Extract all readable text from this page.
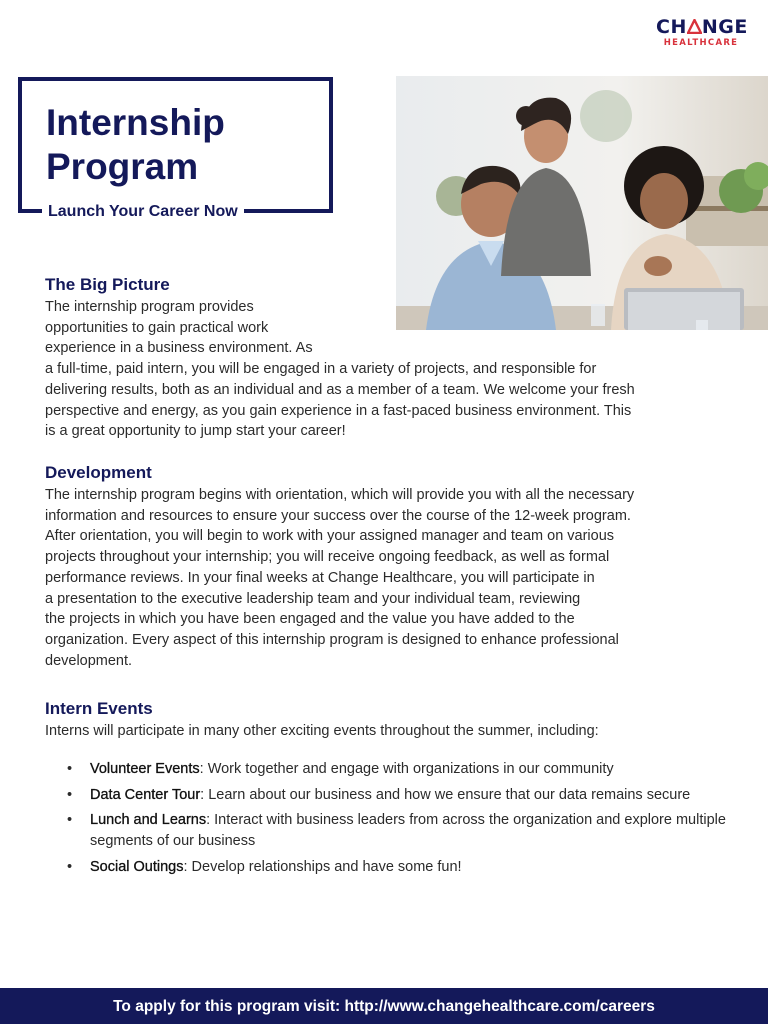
CH NGE
HEALTHCARE
Internship
Program
Launch Your Career Now
The Big Picture
The internship program provides
opportunities to gain practical work
experience in a business environment. As
a full-time, paid intern, you will be engaged in a variety of projects, and responsible for
delivering results, both as an individual and as a member of a team. We welcome your fresh
perspective and energy, as you gain experience in a fast-paced business environment. This
is a great opportunity to jump start your career!
Development
The internship program begins with orientation, which will provide you with all the necessary
information and resources to ensure your success over the course of the 12-week program.
After orientation, you will begin to work with your assigned manager and team on various
projects throughout your internship; you will receive ongoing feedback, as well as formal
performance reviews. In your final weeks at Change Healthcare, you will participate in
a presentation to the executive leadership team and your individual team, reviewing
the projects in which you have been engaged and the value you have added to the
organization. Every aspect of this internship program is designed to enhance professional
development.
Intern Events
Interns will participate in many other exciting events throughout the summer, including:
• Volunteer Events: Work together and engage with organizations in our community
• Data Center Tour: Learn about our business and how we ensure that our data remains secure
• Lunch and Learns: Interact with business leaders from across the organization and explore multiple segments of our business
• Social Outings: Develop relationships and have some fun!
To apply for this program visit: http://www.changehealthcare.com/careers
